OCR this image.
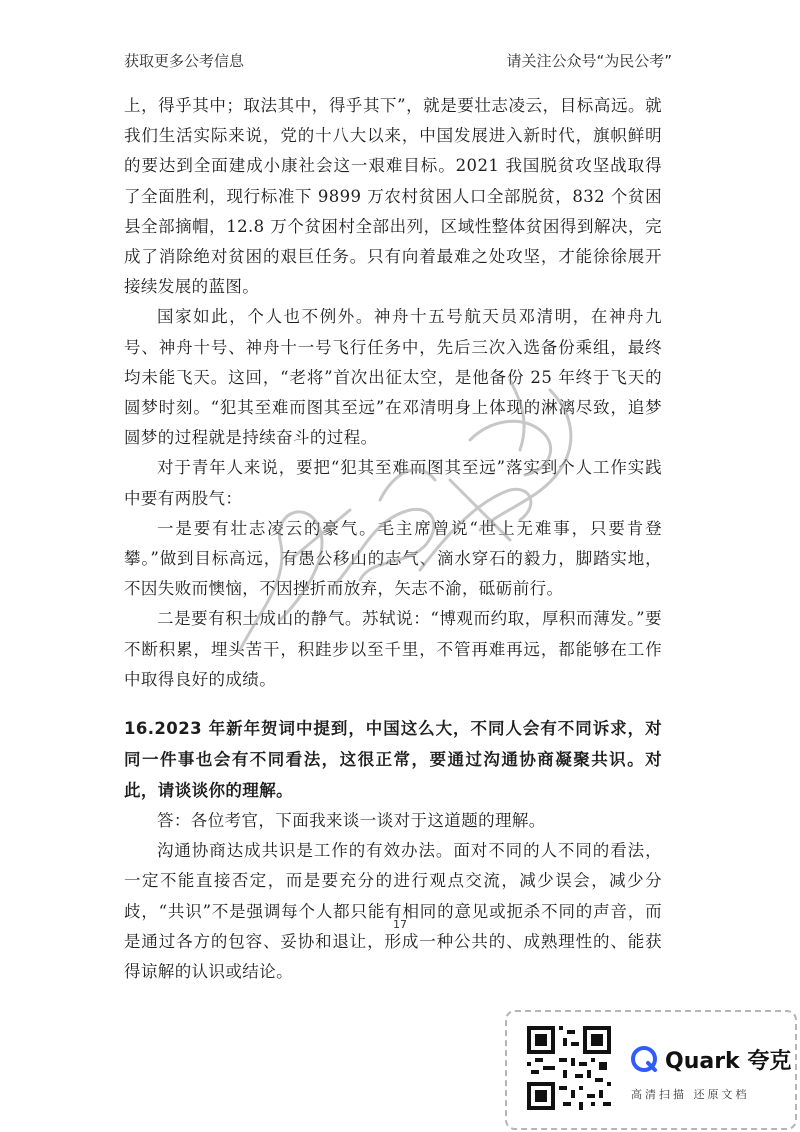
获取更多公考信息	请关注公众号“为民公考”

上，得乎其中；取法其中，得乎其下”，就是要壮志凌云，目标高远。就我们生活实际来说，党的十八大以来，中国发展进入新时代，旗帜鲜明的要达到全面建成小康社会这一艰难目标。2021 我国脱贫攻坚战取得了全面胜利，现行标准下 9899 万农村贫困人口全部脱贫，832 个贫困县全部摘帽，12.8 万个贫困村全部出列，区域性整体贫困得到解决，完成了消除绝对贫困的艰巨任务。只有向着最难之处攻坚，才能徐徐展开接续发展的蓝图。

国家如此，个人也不例外。神舟十五号航天员邓清明，在神舟九号、神舟十号、神舟十一号飞行任务中，先后三次入选备份乘组，最终均未能飞天。这回，“老将”首次出征太空，是他备份 25 年终于飞天的圆梦时刻。“犯其至难而图其至远”在邓清明身上体现的淋漓尽致，追梦圆梦的过程就是持续奋斗的过程。

对于青年人来说，要把“犯其至难而图其至远”落实到个人工作实践中要有两股气：

一是要有壮志凌云的豪气。毛主席曾说“世上无难事，只要肯登攀。”做到目标高远，有愚公移山的志气、滴水穿石的毅力，脚踏实地，不因失败而懊恼，不因挫折而放弃，矢志不渝，砥砺前行。

二是要有积土成山的静气。苏轼说：“博观而约取，厚积而薄发。”要不断积累，埋头苦干，积跬步以至千里，不管再难再远，都能够在工作中取得良好的成绩。

16.2023 年新年贺词中提到，中国这么大，不同人会有不同诉求，对同一件事也会有不同看法，这很正常，要通过沟通协商凝聚共识。对此，请谈谈你的理解。

答：各位考官，下面我来谈一谈对于这道题的理解。

沟通协商达成共识是工作的有效办法。面对不同的人不同的看法，一定不能直接否定，而是要充分的进行观点交流，减少误会，减少分歧，“共识”不是强调每个人都只能有相同的意见或扼杀不同的声音，而是通过各方的包容、妥协和退让，形成一种公共的、成熟理性的、能获得谅解的认识或结论。

17
Quark 夸克
高清扫描 还原文档
